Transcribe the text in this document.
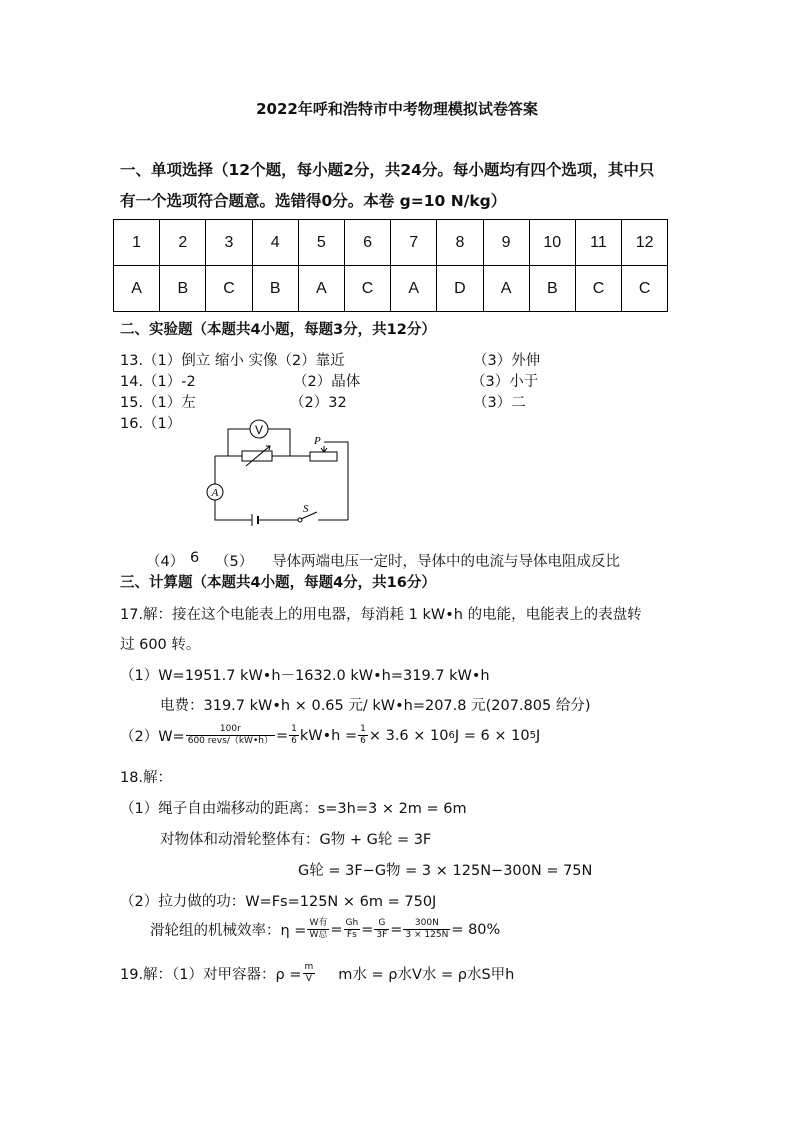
2022年呼和浩特市中考物理模拟试卷答案
一、单项选择（12个题，每小题2分，共24分。每小题均有四个选项，其中只
有一个选项符合题意。选错得0分。本卷 g=10 N/kg）
1	2	3	4	5	6	7	8	9	10	11	12
A	B	C	B	A	C	A	D	A	B	C	C
二、实验题（本题共4小题，每题3分，共12分）
13.（1）倒立 缩小 实像（2）靠近	（3）外伸
14.（1）-2	（2）晶体	（3）小于
15.（1）左	（2）32	（3）二
16.（1）	V
A
P
S
（4） 6 （5） 导体两端电压一定时，导体中的电流与导体电阻成反比
三、计算题（本题共4小题，每题4分，共16分）
17.解：接在这个电能表上的用电器，每消耗 1 kW•h 的电能，电能表上的表盘转
过 600 转。
（1）W=1951.7 kW•h－1632.0 kW•h=319.7 kW•h
电费：319.7 kW•h × 0.65 元/ kW•h=207.8 元(207.805 给分)
$(2)W= \frac{100r}{\text{600 revs/（kW•h）}} = \frac{1}{6}$ kW•h = $\frac{1}{6} \times 3.6 \times 10$ 6 J = 6 × 10 5 J
18.解：
（1）绳子自由端移动的距离：s=3h=3 × 2m = 6m
对物体和动滑轮整体有：G物 + G轮 = 3F
G轮 = 3F−G物 = 3 × 125N−300N = 75N
（2）拉力做的功：W=Fs=125N × 6m = 750J
滑轮组的机械效率：$\eta = \frac{\text{W有}}{\text{W总}} = \frac{Gh}{Fs} = \frac{G}{3F} = \frac{300N}{3 \times 125N} = 80\%$
19.解：（1）对甲容器：$\rho = \frac{m}{V}$ m水 = ρ水V水 = ρ水S甲h
